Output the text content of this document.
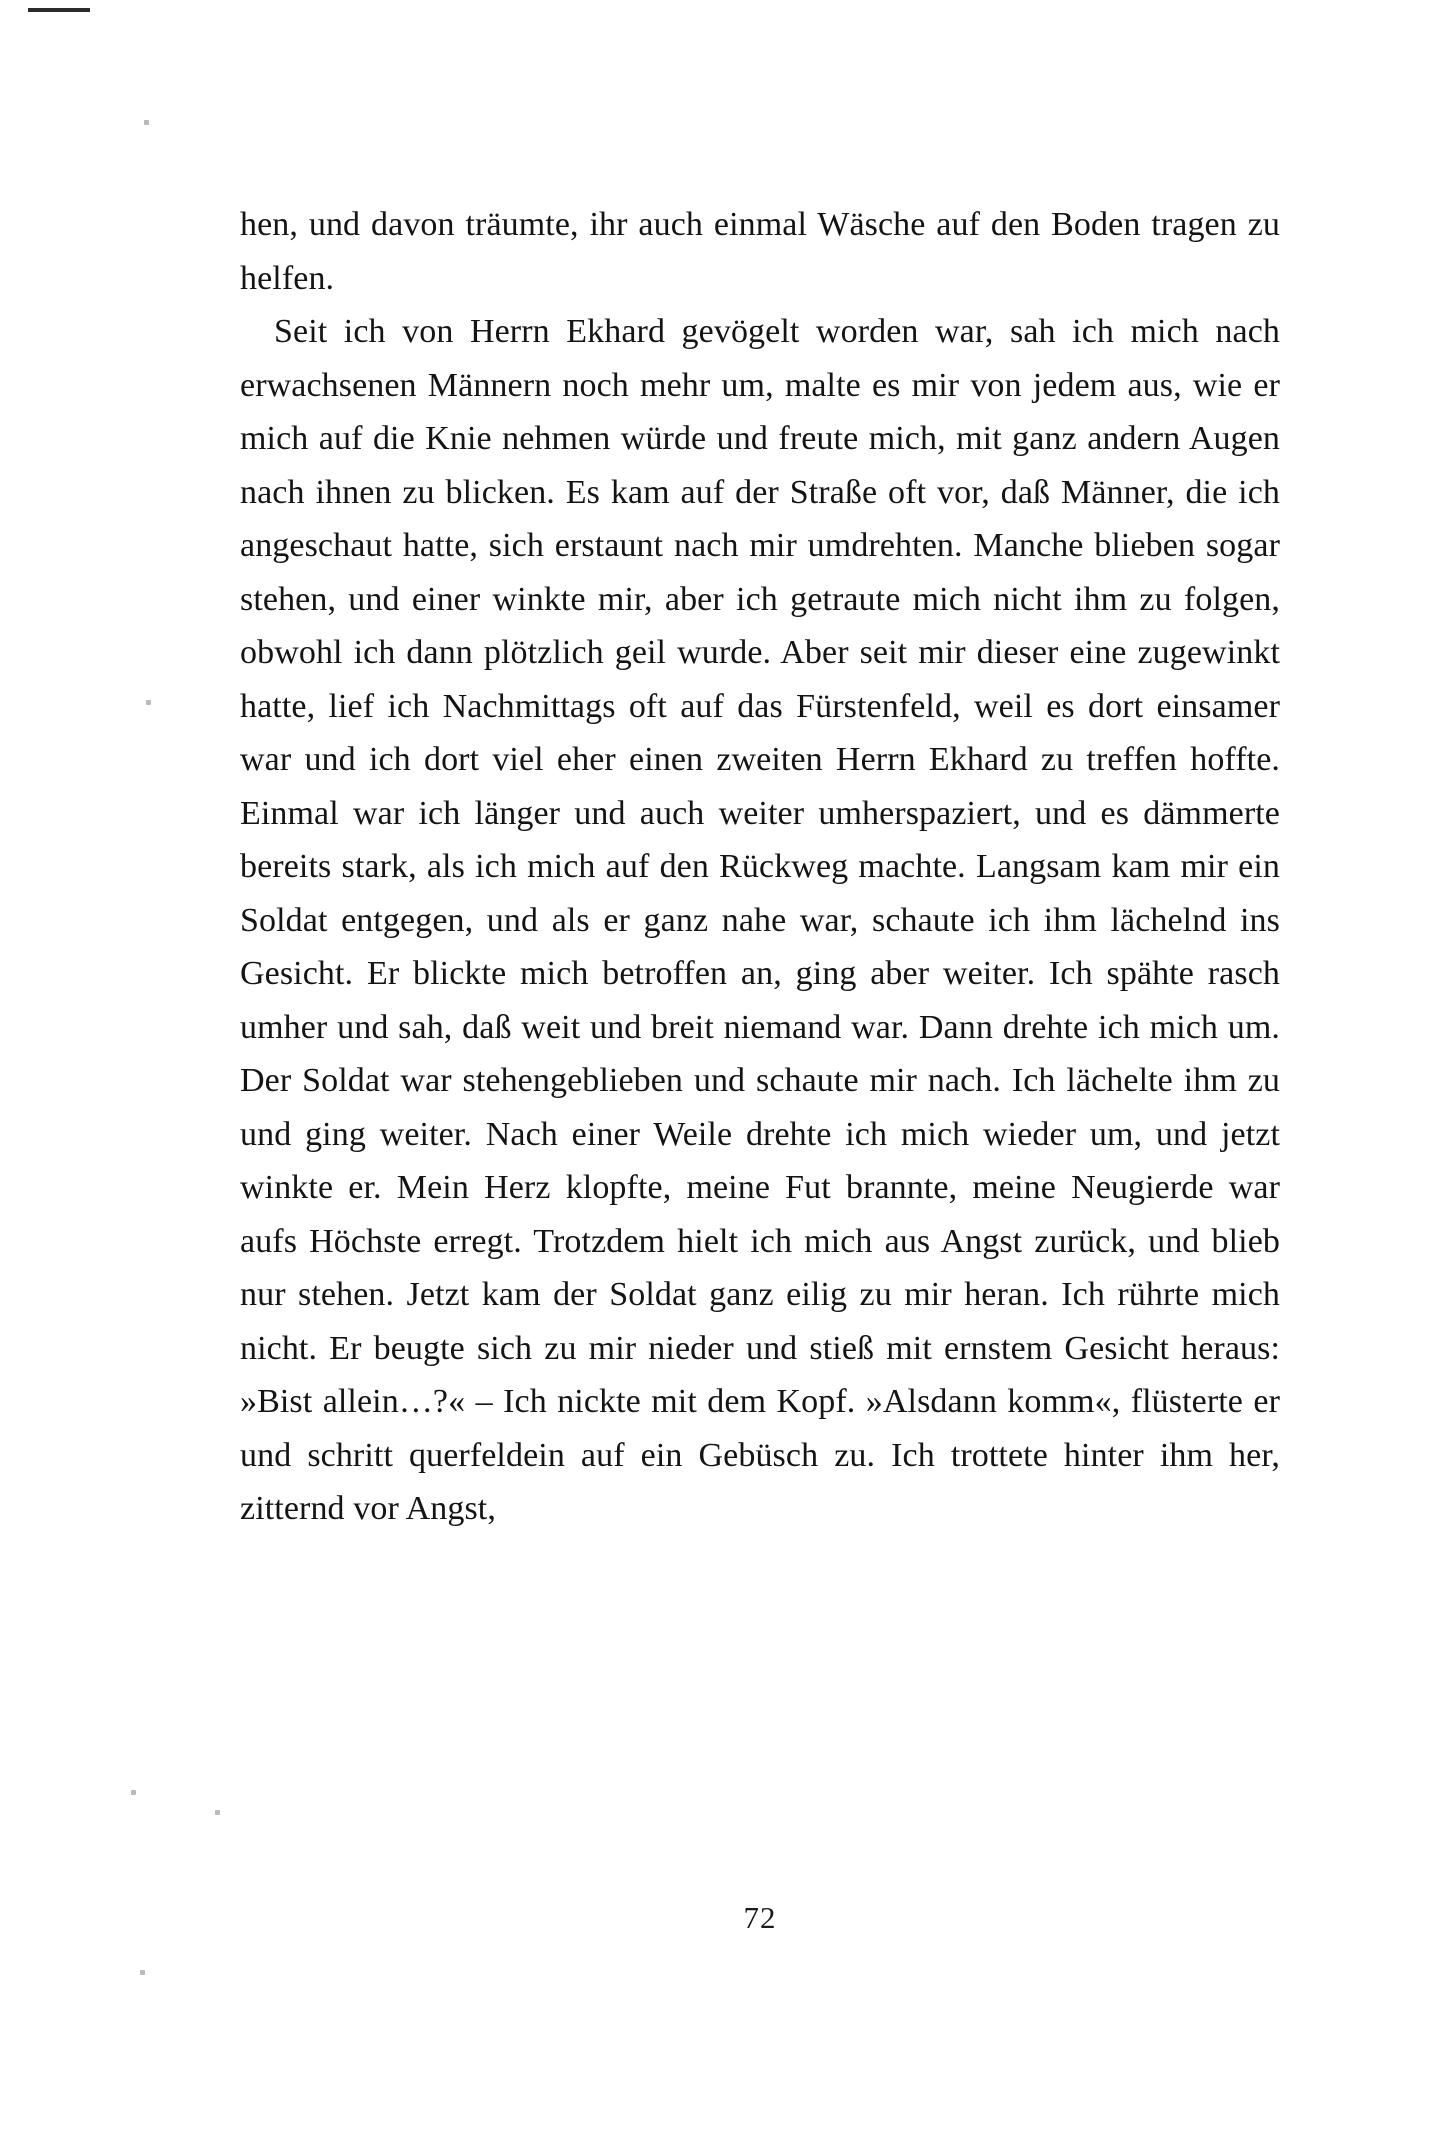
hen, und davon träumte, ihr auch einmal Wäsche auf den Boden tragen zu helfen.

Seit ich von Herrn Ekhard gevögelt worden war, sah ich mich nach erwachsenen Männern noch mehr um, malte es mir von jedem aus, wie er mich auf die Knie nehmen würde und freute mich, mit ganz andern Augen nach ihnen zu blicken. Es kam auf der Straße oft vor, daß Männer, die ich angeschaut hatte, sich erstaunt nach mir umdrehten. Manche blieben sogar stehen, und einer winkte mir, aber ich getraute mich nicht ihm zu folgen, obwohl ich dann plötzlich geil wurde. Aber seit mir dieser eine zugewinkt hatte, lief ich Nachmittags oft auf das Fürstenfeld, weil es dort einsamer war und ich dort viel eher einen zweiten Herrn Ekhard zu treffen hoffte. Einmal war ich länger und auch weiter umherspaziert, und es dämmerte bereits stark, als ich mich auf den Rückweg machte. Langsam kam mir ein Soldat entgegen, und als er ganz nahe war, schaute ich ihm lächelnd ins Gesicht. Er blickte mich betroffen an, ging aber weiter. Ich spähte rasch umher und sah, daß weit und breit niemand war. Dann drehte ich mich um. Der Soldat war stehengeblieben und schaute mir nach. Ich lächelte ihm zu und ging weiter. Nach einer Weile drehte ich mich wieder um, und jetzt winkte er. Mein Herz klopfte, meine Fut brannte, meine Neugierde war aufs Höchste erregt. Trotzdem hielt ich mich aus Angst zurück, und blieb nur stehen. Jetzt kam der Soldat ganz eilig zu mir heran. Ich rührte mich nicht. Er beugte sich zu mir nieder und stieß mit ernstem Gesicht heraus: »Bist allein…?« – Ich nickte mit dem Kopf. »Alsdann komm«, flüsterte er und schritt querfeldein auf ein Gebüsch zu. Ich trottete hinter ihm her, zitternd vor Angst,

72
